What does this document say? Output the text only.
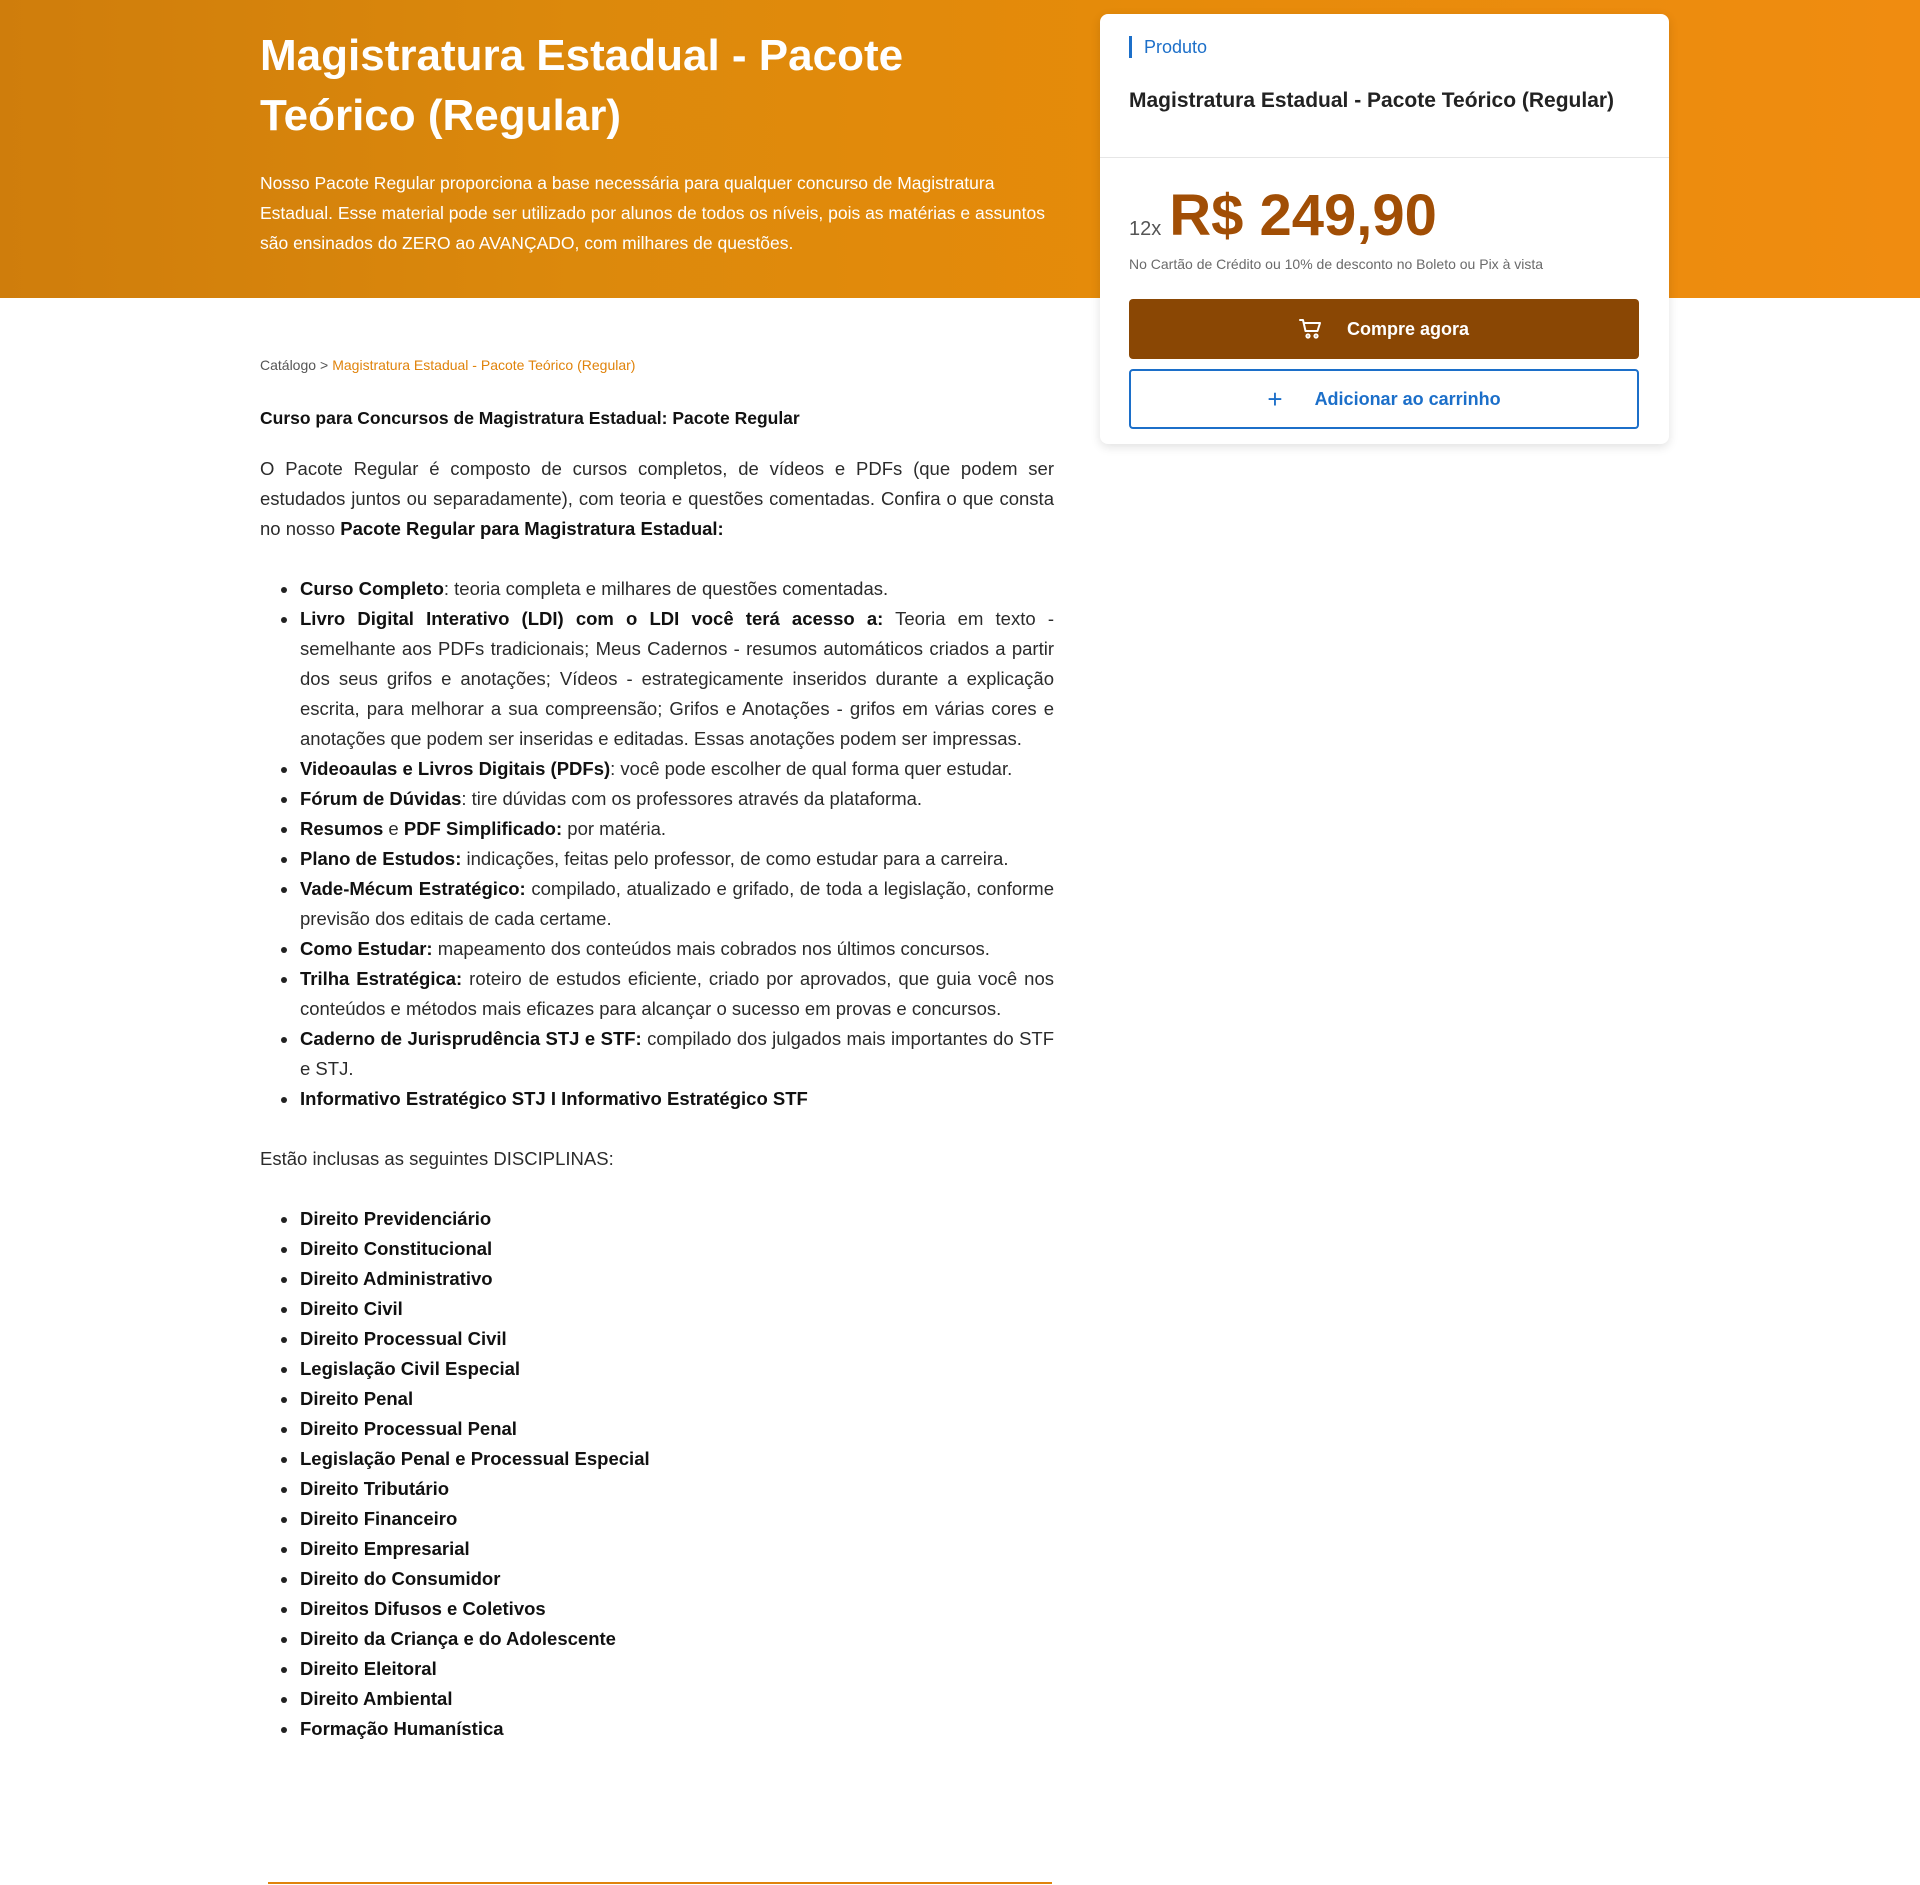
Magistratura Estadual - Pacote Teórico (Regular)

Nosso Pacote Regular proporciona a base necessária para qualquer concurso de Magistratura Estadual. Esse material pode ser utilizado por alunos de todos os níveis, pois as matérias e assuntos são ensinados do ZERO ao AVANÇADO, com milhares de questões.

Produto
Magistratura Estadual - Pacote Teórico (Regular)
12x R$ 249,90
No Cartão de Crédito ou 10% de desconto no Boleto ou Pix à vista
Compre agora
+ Adicionar ao carrinho
Catálogo > Magistratura Estadual - Pacote Teórico (Regular)
Curso para Concursos de Magistratura Estadual: Pacote Regular

O Pacote Regular é composto de cursos completos, de vídeos e PDFs (que podem ser estudados juntos ou separadamente), com teoria e questões comentadas. Confira o que consta no nosso Pacote Regular para Magistratura Estadual:

Curso Completo: teoria completa e milhares de questões comentadas.
Livro Digital Interativo (LDI) com o LDI você terá acesso a: Teoria em texto - semelhante aos PDFs tradicionais; Meus Cadernos - resumos automáticos criados a partir dos seus grifos e anotações; Vídeos - estrategicamente inseridos durante a explicação escrita, para melhorar a sua compreensão; Grifos e Anotações - grifos em várias cores e anotações que podem ser inseridas e editadas. Essas anotações podem ser impressas.
Videoaulas e Livros Digitais (PDFs): você pode escolher de qual forma quer estudar.
Fórum de Dúvidas: tire dúvidas com os professores através da plataforma.
Resumos e PDF Simplificado: por matéria.
Plano de Estudos: indicações, feitas pelo professor, de como estudar para a carreira.
Vade-Mécum Estratégico: compilado, atualizado e grifado, de toda a legislação, conforme previsão dos editais de cada certame.
Como Estudar: mapeamento dos conteúdos mais cobrados nos últimos concursos.
Trilha Estratégica: roteiro de estudos eficiente, criado por aprovados, que guia você nos conteúdos e métodos mais eficazes para alcançar o sucesso em provas e concursos.
Caderno de Jurisprudência STJ e STF: compilado dos julgados mais importantes do STF e STJ.
Informativo Estratégico STJ I Informativo Estratégico STF

Estão inclusas as seguintes DISCIPLINAS:

Direito Previdenciário
Direito Constitucional
Direito Administrativo
Direito Civil
Direito Processual Civil
Legislação Civil Especial
Direito Penal
Direito Processual Penal
Legislação Penal e Processual Especial
Direito Tributário
Direito Financeiro
Direito Empresarial
Direito do Consumidor
Direitos Difusos e Coletivos
Direito da Criança e do Adolescente
Direito Eleitoral
Direito Ambiental
Formação Humanística
